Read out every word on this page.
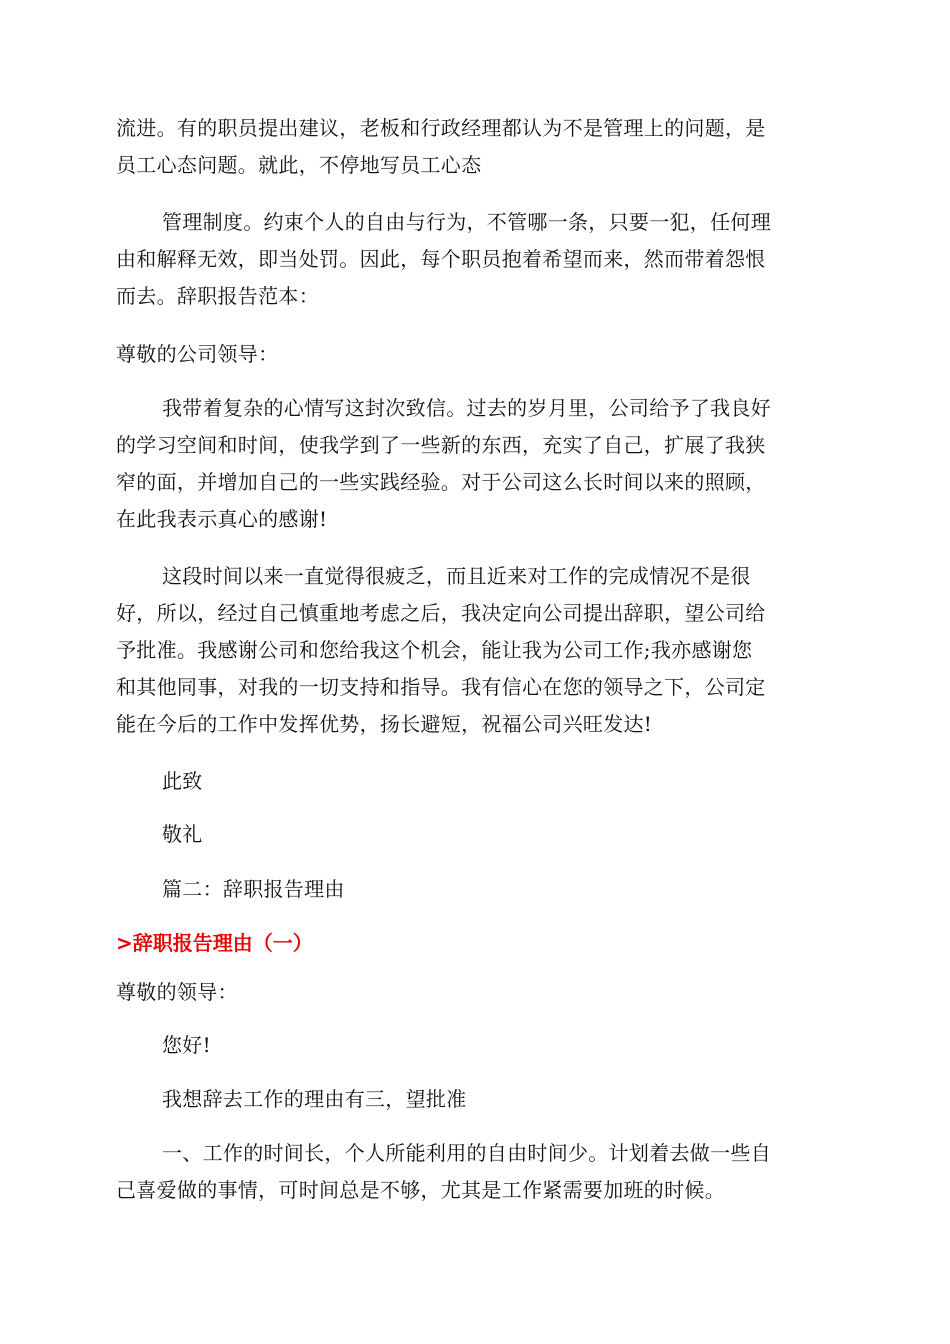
流进。有的职员提出建议，老板和行政经理都认为不是管理上的问题，是
员工心态问题。就此，不停地写员工心态

管理制度。约束个人的自由与行为，不管哪一条，只要一犯，任何理
由和解释无效，即当处罚。因此，每个职员抱着希望而来，然而带着怨恨
而去。辞职报告范本：

尊敬的公司领导：

我带着复杂的心情写这封次致信。过去的岁月里，公司给予了我良好
的学习空间和时间，使我学到了一些新的东西，充实了自己，扩展了我狭
窄的面，并增加自己的一些实践经验。对于公司这么长时间以来的照顾，
在此我表示真心的感谢!

这段时间以来一直觉得很疲乏，而且近来对工作的完成情况不是很
好，所以，经过自己慎重地考虑之后，我决定向公司提出辞职，望公司给
予批准。我感谢公司和您给我这个机会，能让我为公司工作;我亦感谢您
和其他同事，对我的一切支持和指导。我有信心在您的领导之下，公司定
能在今后的工作中发挥优势，扬长避短，祝福公司兴旺发达!

此致

敬礼

篇二：辞职报告理由

>辞职报告理由（一）

尊敬的领导：

您好!

我想辞去工作的理由有三，望批准

一、工作的时间长，个人所能利用的自由时间少。计划着去做一些自
己喜爱做的事情，可时间总是不够，尤其是工作紧需要加班的时候。
